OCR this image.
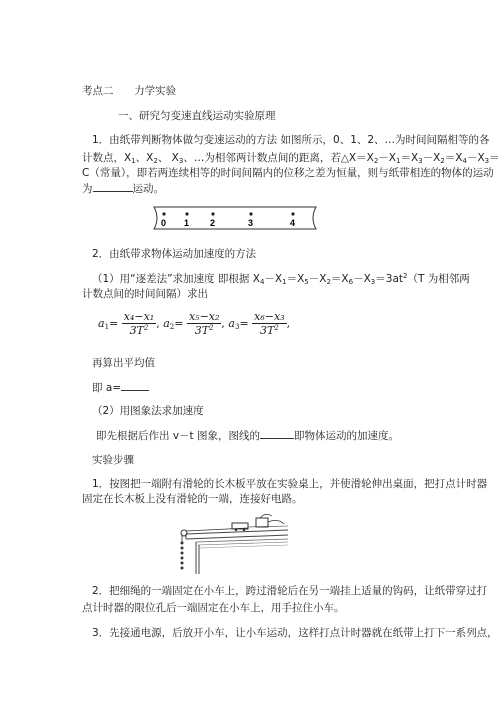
考点二 力学实验
一、研究匀变速直线运动实验原理
1．由纸带判断物体做匀变速运动的方法 如图所示，0、1、2、…为时间间隔相等的各
计数点，$X_1$、$X_2$、 $X_3$、…为相邻两计数点间的距离，若$\triangle X=X_2-X_1=X_3-X_2=X_4-X_3=$
C（常量），即若两连续相等的时间间隔内的位移之差为恒量，则与纸带相连的物体的运动
为	运动。
0 1 2	3	4
2．由纸带求物体运动加速度的方法
（1）用“逐差法”求加速度 即根据 $X_4-X_1=X_5-X_2=X_6-X_3=3at^2(T$ 为相邻两
计数点间的时间间隔）求出
$a_1= \frac{\text{x₄−x₁}}{3T^2}$ , $a_2= \frac{\text{x₅−x₂}}{3T^2}$ , $a_3= \frac{\text{x₆−x₃}}{3T^2}$ ,
再算出平均值
即 a=
（2）用图象法求加速度
即先根据后作出 v－t 图象，图线的	即物体运动的加速度。
实验步骤
1．按图把一端附有滑轮的长木板平放在实验桌上，并使滑轮伸出桌面，把打点计时器
固定在长木板上没有滑轮的一端，连接好电路。
2．把细绳的一端固定在小车上，跨过滑轮后在另一端挂上适量的钩码，让纸带穿过打
点计时器的限位孔后一端固定在小车上，用手拉住小车。
3．先接通电源，后放开小车，让小车运动，这样打点计时器就在纸带上打下一系列点，
